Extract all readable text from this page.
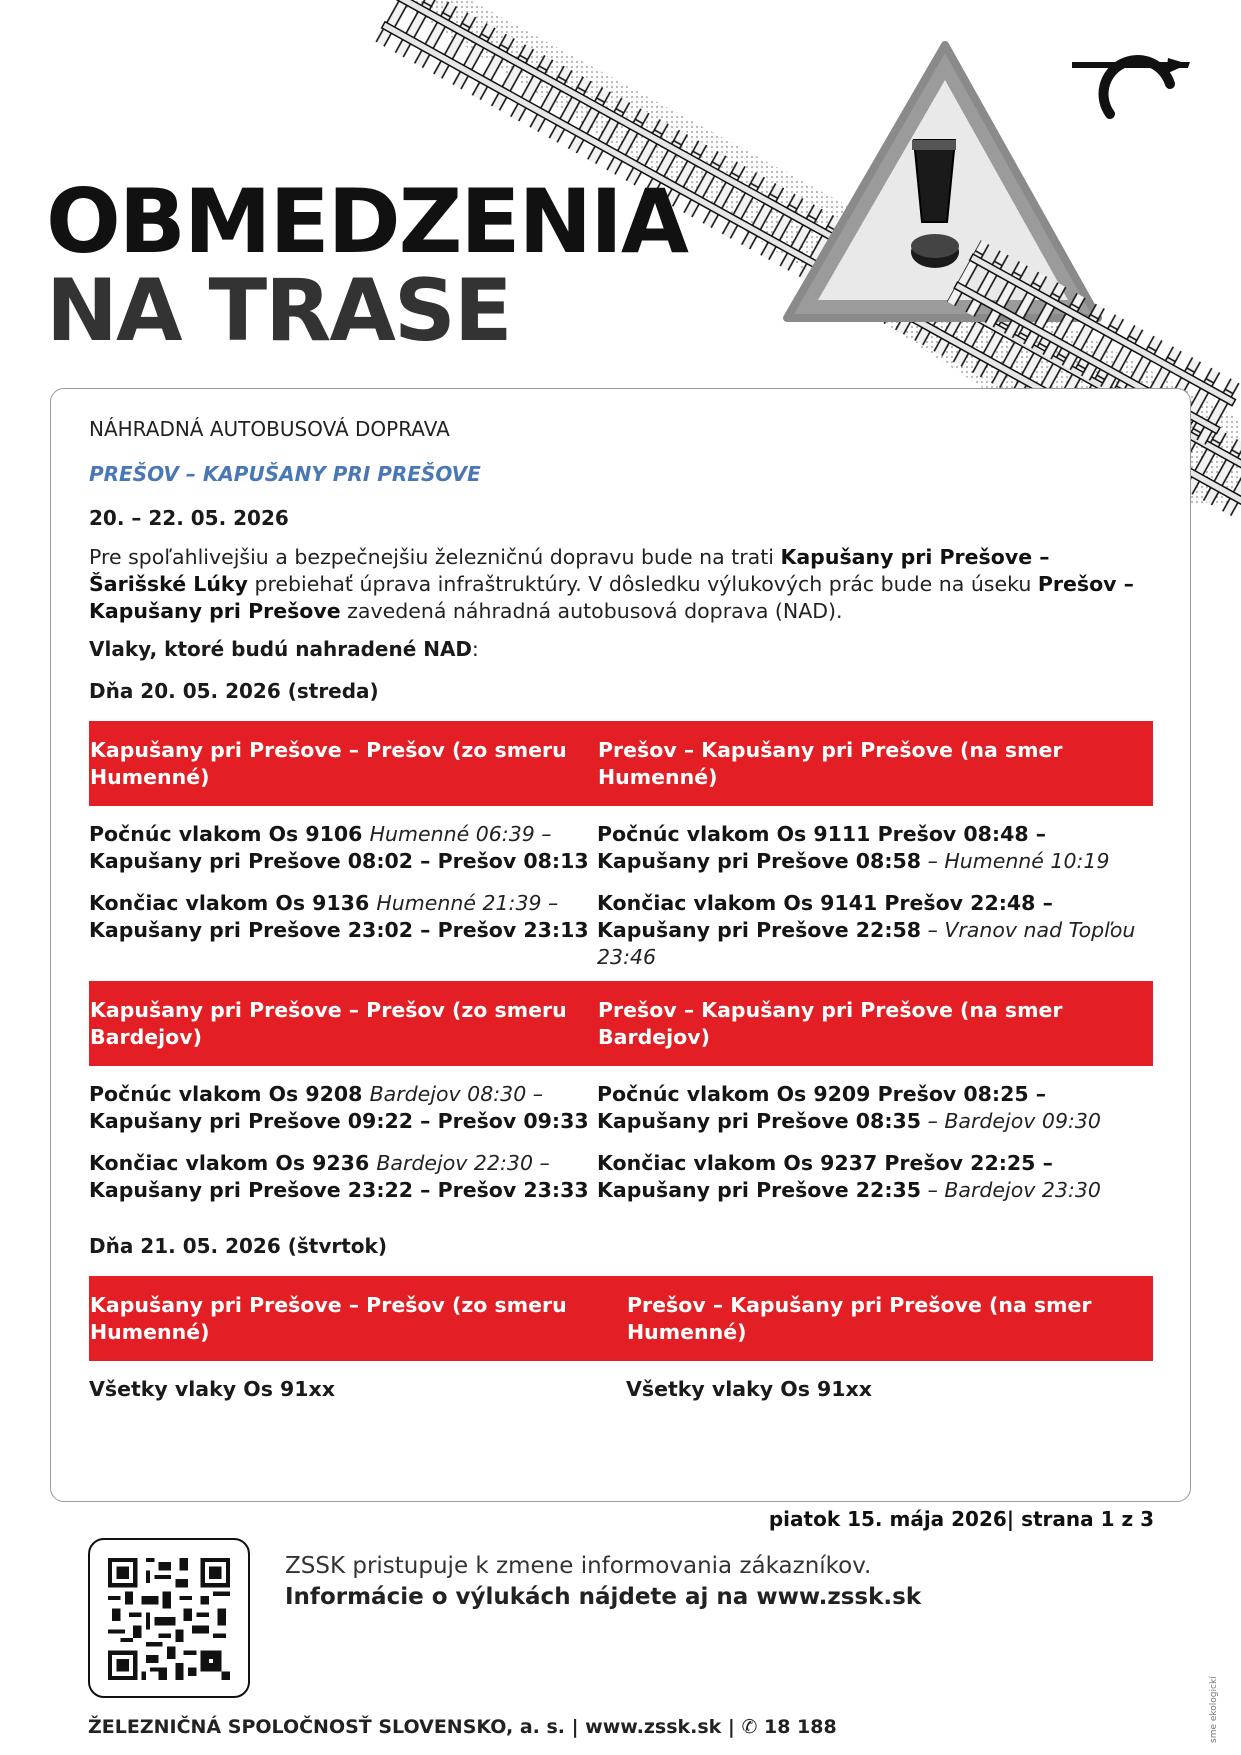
OBMEDZENIA
NA TRASE
NÁHRADNÁ AUTOBUSOVÁ DOPRAVA
PREŠOV – KAPUŠANY PRI PREŠOVE
20. – 22. 05. 2026
Pre spoľahlivejšiu a bezpečnejšiu železničnú dopravu bude na trati Kapušany pri Prešove – Šarišské Lúky prebiehať úprava infraštruktúry. V dôsledku výlukových prác bude na úseku Prešov – Kapušany pri Prešove zavedená náhradná autobusová doprava (NAD).
Vlaky, ktoré budú nahradené NAD:
Dňa 20. 05. 2026 (streda)
Kapušany pri Prešove – Prešov (zo smeru Humenné)
Prešov – Kapušany pri Prešove (na smer Humenné)

Počnúc vlakom Os 9106 Humenné 06:39 – Kapušany pri Prešove 08:02 – Prešov 08:13

Končiac vlakom Os 9136 Humenné 21:39 – Kapušany pri Prešove 23:02 – Prešov 23:13

Počnúc vlakom Os 9111 Prešov 08:48 – Kapušany pri Prešove 08:58 – Humenné 10:19

Končiac vlakom Os 9141 Prešov 22:48 – Kapušany pri Prešove 22:58 – Vranov nad Topľou 23:46

Kapušany pri Prešove – Prešov (zo smeru Bardejov)
Prešov – Kapušany pri Prešove (na smer Bardejov)

Počnúc vlakom Os 9208 Bardejov 08:30 – Kapušany pri Prešove 09:22 – Prešov 09:33

Končiac vlakom Os 9236 Bardejov 22:30 – Kapušany pri Prešove 23:22 – Prešov 23:33

Počnúc vlakom Os 9209 Prešov 08:25 – Kapušany pri Prešove 08:35 – Bardejov 09:30

Končiac vlakom Os 9237 Prešov 22:25 – Kapušany pri Prešove 22:35 – Bardejov 23:30

Dňa 21. 05. 2026 (štvrtok)
Kapušany pri Prešove – Prešov (zo smeru Humenné)
Prešov – Kapušany pri Prešove (na smer Humenné)
Všetky vlaky Os 91xx	Všetky vlaky Os 91xx
piatok 15. mája 2026| strana 1 z 3
ZSSK pristupuje k zmene informovania zákazníkov.
Informácie o výlukách nájdete aj na www.zssk.sk
ŽELEZNIČNÁ SPOLOČNOSŤ SLOVENSKO, a. s. | www.zssk.sk | ✆ 18 188	sme ekologickí
